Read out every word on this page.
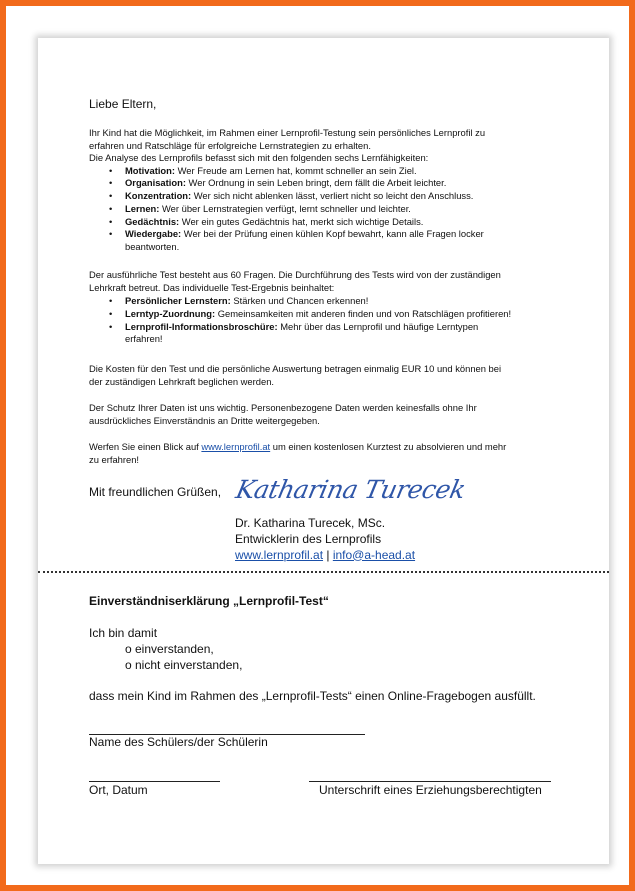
Liebe Eltern,
Ihr Kind hat die Möglichkeit, im Rahmen einer Lernprofil-Testung sein persönliches Lernprofil zu
erfahren und Ratschläge für erfolgreiche Lernstrategien zu erhalten.
Die Analyse des Lernprofils befasst sich mit den folgenden sechs Lernfähigkeiten:
• Motivation: Wer Freude am Lernen hat, kommt schneller an sein Ziel.
• Organisation: Wer Ordnung in sein Leben bringt, dem fällt die Arbeit leichter.
• Konzentration: Wer sich nicht ablenken lässt, verliert nicht so leicht den Anschluss.
• Lernen: Wer über Lernstrategien verfügt, lernt schneller und leichter.
• Gedächtnis: Wer ein gutes Gedächtnis hat, merkt sich wichtige Details.
• Wiedergabe: Wer bei der Prüfung einen kühlen Kopf bewahrt, kann alle Fragen locker
beantworten.
Der ausführliche Test besteht aus 60 Fragen. Die Durchführung des Tests wird von der zuständigen
Lehrkraft betreut. Das individuelle Test-Ergebnis beinhaltet:
• Persönlicher Lernstern: Stärken und Chancen erkennen!
• Lerntyp-Zuordnung: Gemeinsamkeiten mit anderen finden und von Ratschlägen profitieren!
• Lernprofil-Informationsbroschüre: Mehr über das Lernprofil und häufige Lerntypen
erfahren!
Die Kosten für den Test und die persönliche Auswertung betragen einmalig EUR 10 und können bei
der zuständigen Lehrkraft beglichen werden.
Der Schutz Ihrer Daten ist uns wichtig. Personenbezogene Daten werden keinesfalls ohne Ihr
ausdrückliches Einverständnis an Dritte weitergegeben.
Werfen Sie einen Blick auf www.lernprofil.at um einen kostenlosen Kurztest zu absolvieren und mehr
zu erfahren!
Mit freundlichen Grüßen, Katharina Turecek
Dr. Katharina Turecek, MSc.
Entwicklerin des Lernprofils
www.lernprofil.at | info@a-head.at
Einverständniserklärung „Lernprofil-Test“
Ich bin damit
o einverstanden,
o nicht einverstanden,
dass mein Kind im Rahmen des „Lernprofil-Tests“ einen Online-Fragebogen ausfüllt.
Name des Schülers/der Schülerin
Ort, Datum	Unterschrift eines Erziehungsberechtigten
